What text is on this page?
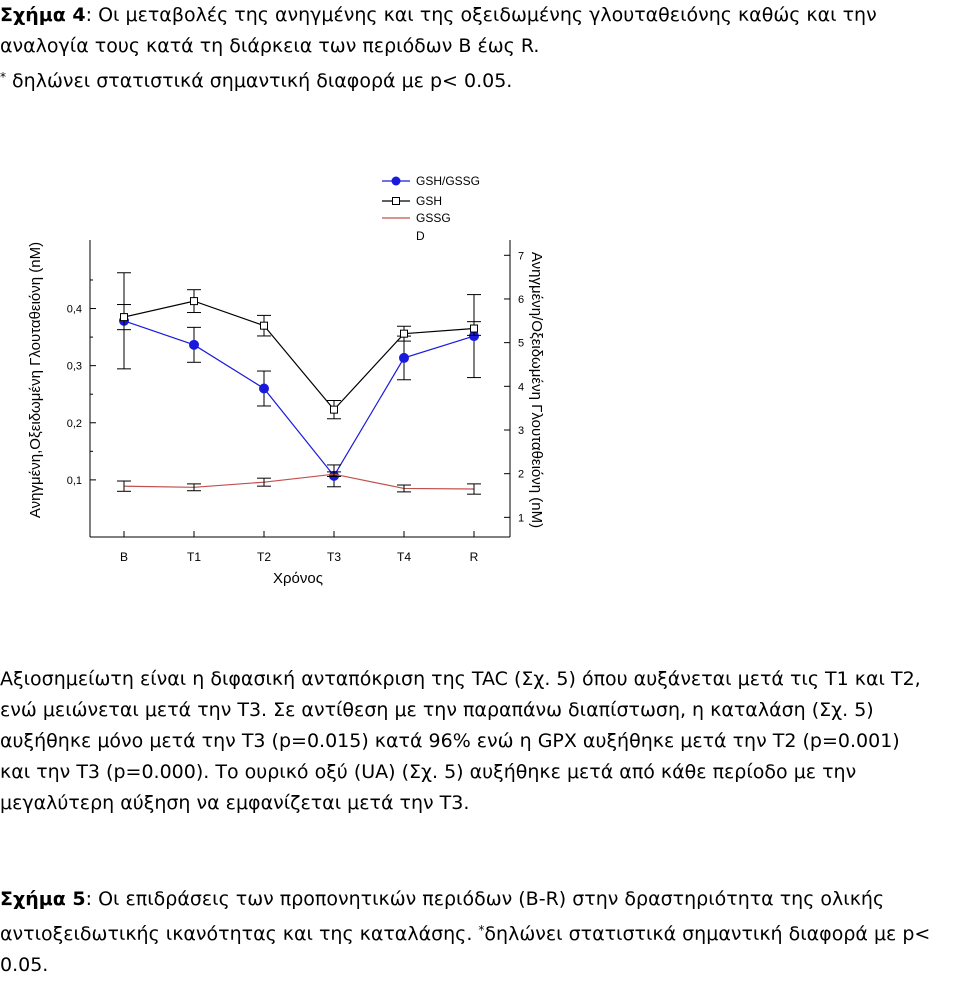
Σχήμα 4: Οι μεταβολές της ανηγμένης και της οξειδωμένης γλουταθειόνης καθώς και την
αναλογία τους κατά τη διάρκεια των περιόδων B έως R.
* δηλώνει στατιστικά σημαντική διαφορά με p< 0.05.
0,1
0,2
0,3
0,4
1
2
3
4
5
6
7
B	T1	T2	T3	T4	R
Χρόνος
Ανηγμένη,Οξειδωμένη Γλουταθειόνη (nM)	Ανηγμένη/Οξειδωμένη Γλουταθειόνη (nM)
GSH/GSSG
GSH
GSSG
D
Αξιοσημείωτη είναι η διφασική ανταπόκριση της TAC (Σχ. 5) όπου αυξάνεται μετά τις T1 και T2,
ενώ μειώνεται μετά την T3. Σε αντίθεση με την παραπάνω διαπίστωση, η καταλάση (Σχ. 5)
αυξήθηκε μόνο μετά την T3 (p=0.015) κατά 96% ενώ η GPX αυξήθηκε μετά την T2 (p=0.001)
και την T3 (p=0.000). Το ουρικό οξύ (UA) (Σχ. 5) αυξήθηκε μετά από κάθε περίοδο με την
μεγαλύτερη αύξηση να εμφανίζεται μετά την T3.
Σχήμα 5: Οι επιδράσεις των προπονητικών περιόδων (B-R) στην δραστηριότητα της ολικής
αντιοξειδωτικής ικανότητας και της καταλάσης. *δηλώνει στατιστικά σημαντική διαφορά με p<
0.05.
